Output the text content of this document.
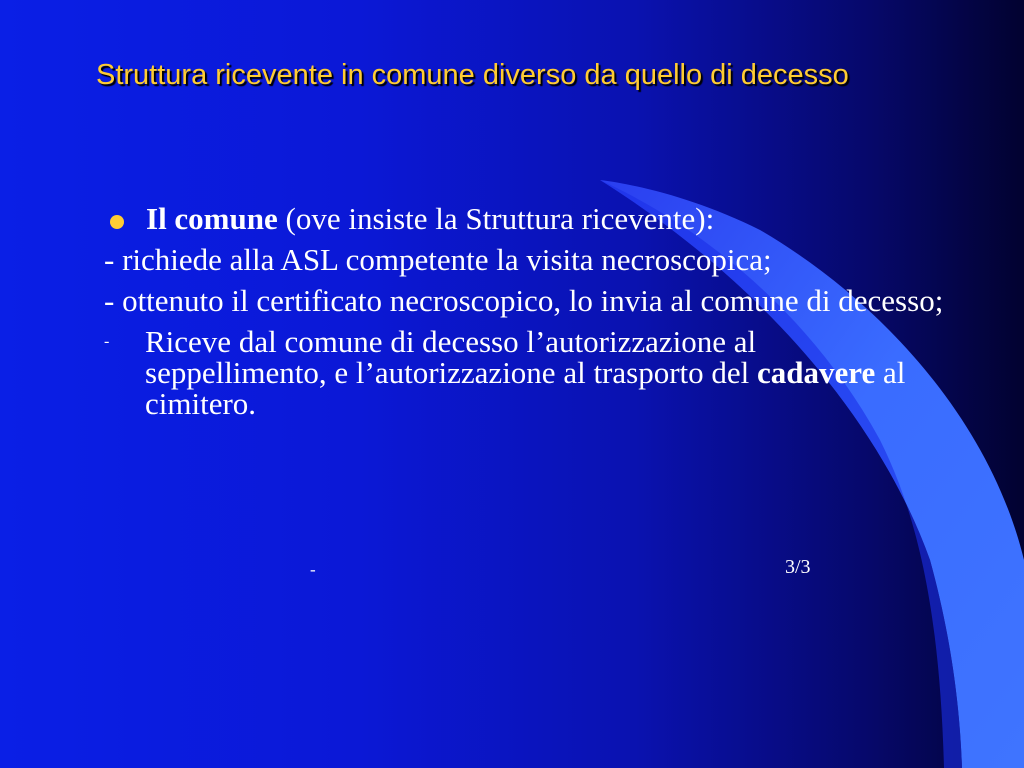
Struttura ricevente in comune diverso da quello di decesso
Il comune (ove insiste la Struttura ricevente):
- richiede alla ASL competente la visita necroscopica;
- ottenuto il certificato necroscopico, lo invia al comune di decesso;
- Riceve dal comune di decesso l’autorizzazione al seppellimento, e l’autorizzazione al trasporto del cadavere al cimitero.
-	3/3
